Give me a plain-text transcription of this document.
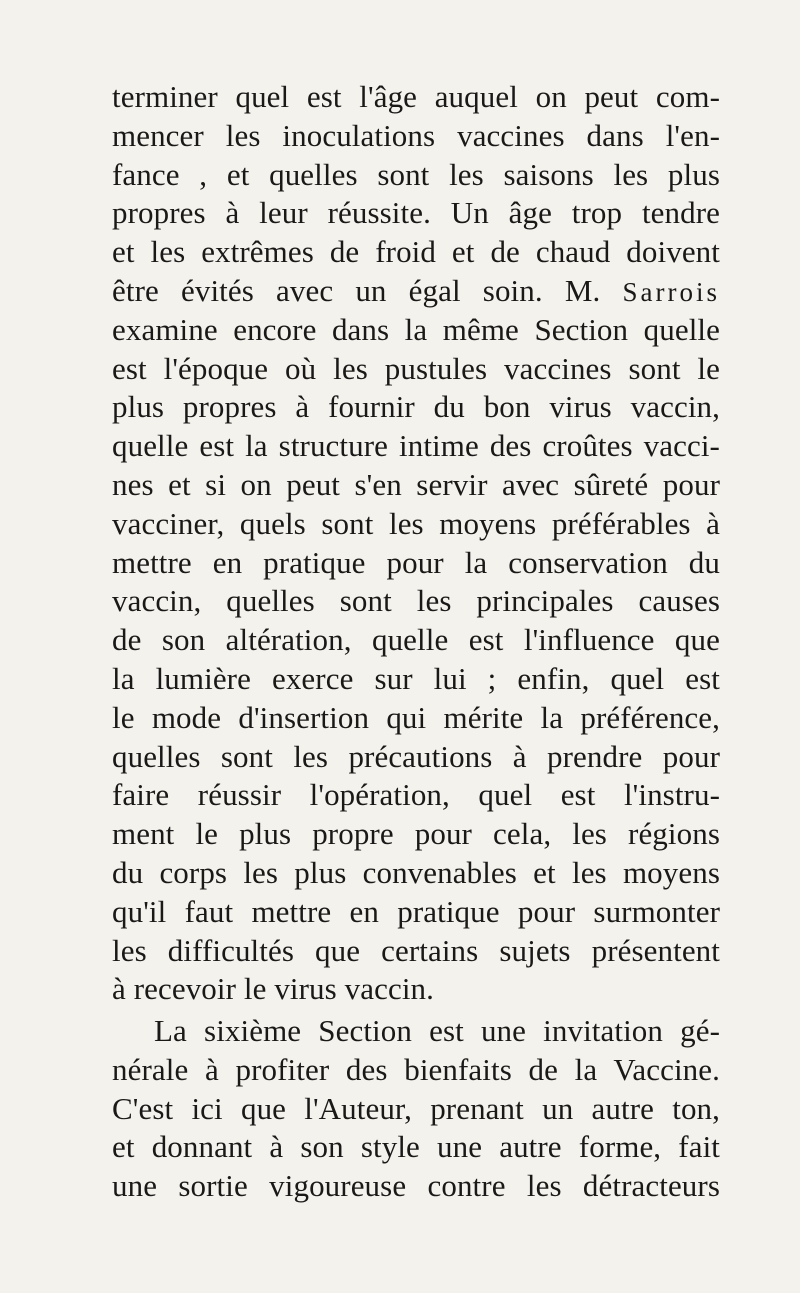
terminer quel est l'âge auquel on peut com-
mencer les inoculations vaccines dans l'en-
fance , et quelles sont les saisons les plus
propres à leur réussite. Un âge trop tendre
et les extrêmes de froid et de chaud doivent
être évités avec un égal soin. M. Sarrois
examine encore dans la même Section quelle
est l'époque où les pustules vaccines sont le
plus propres à fournir du bon virus vaccin,
quelle est la structure intime des croûtes vacci-
nes et si on peut s'en servir avec sûreté pour
vacciner, quels sont les moyens préférables à
mettre en pratique pour la conservation du
vaccin, quelles sont les principales causes
de son altération, quelle est l'influence que
la lumière exerce sur lui ; enfin, quel est
le mode d'insertion qui mérite la préférence,
quelles sont les précautions à prendre pour
faire réussir l'opération, quel est l'instru-
ment le plus propre pour cela, les régions
du corps les plus convenables et les moyens
qu'il faut mettre en pratique pour surmonter
les difficultés que certains sujets présentent
à recevoir le virus vaccin.
La sixième Section est une invitation gé-
nérale à profiter des bienfaits de la Vaccine.
C'est ici que l'Auteur, prenant un autre ton,
et donnant à son style une autre forme, fait
une sortie vigoureuse contre les détracteurs
